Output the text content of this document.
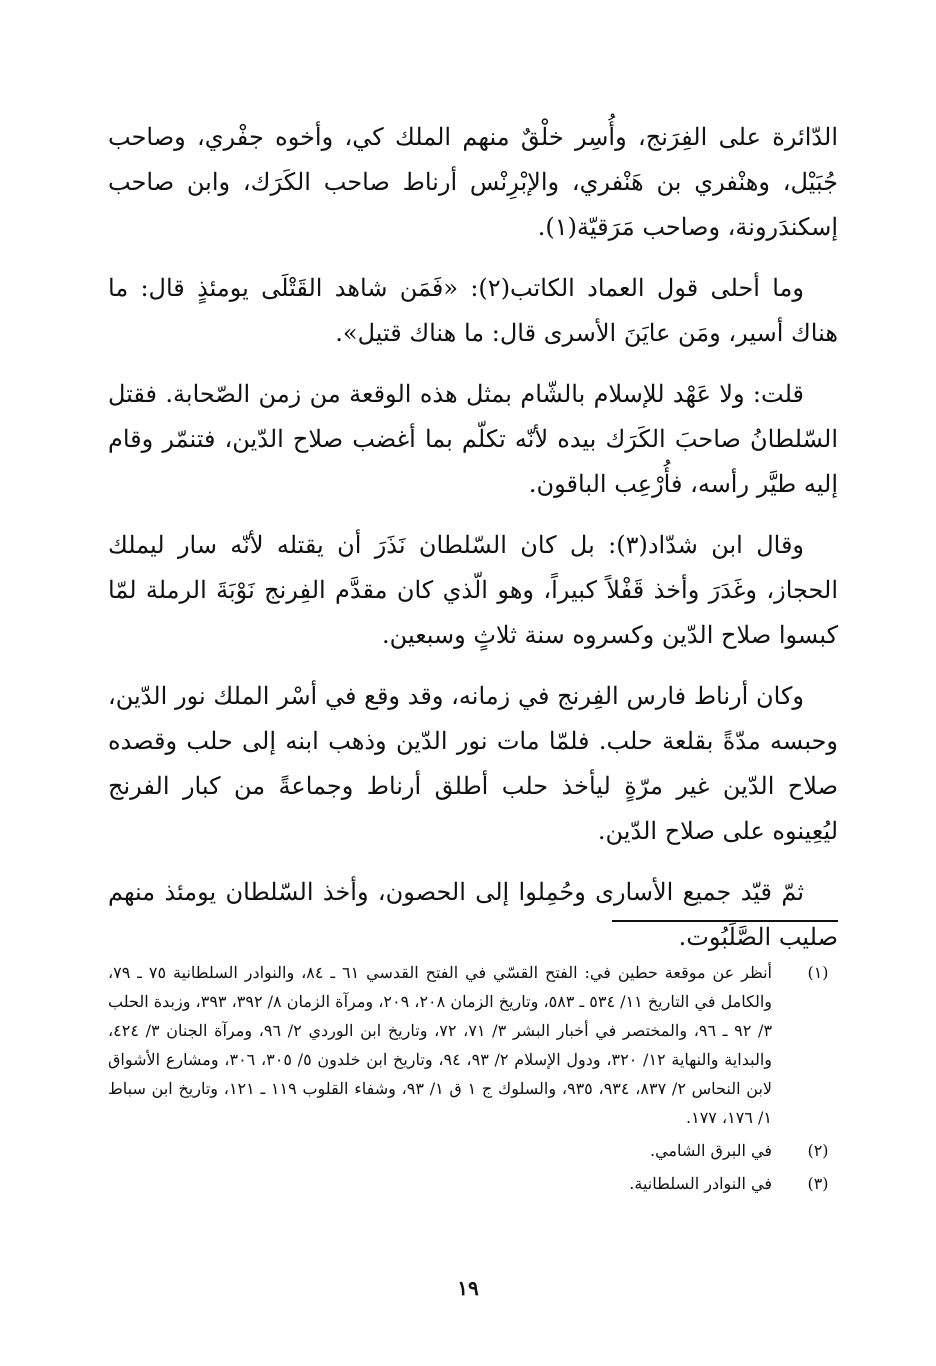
الدّائرة على الفِرَنج، وأُسِر خلْقٌ منهم الملك كي، وأخوه جفْري، وصاحب جُبَيْل، وهنْفري بن هَنْفري، والإبْرِنْس أرناط صاحب الكَرَك، وابن صاحب إسكندَرونة، وصاحب مَرَقيّة(١).

وما أحلى قول العماد الكاتب(٢): «فَمَن شاهد القَتْلَى يومئذٍ قال: ما هناك أسير، ومَن عايَنَ الأسرى قال: ما هناك قتيل».

قلت: ولا عَهْد للإسلام بالشّام بمثل هذه الوقعة من زمن الصّحابة. فقتل السّلطانُ صاحبَ الكَرَك بيده لأنّه تكلّم بما أغضب صلاح الدّين، فتنمّر وقام إليه طيَّر رأسه، فأُرْعِب الباقون.

وقال ابن شدّاد(٣): بل كان السّلطان نَذَرَ أن يقتله لأنّه سار ليملك الحجاز، وغَدَرَ وأخذ قَفْلاً كبيراً، وهو الّذي كان مقدَّم الفِرنج نَوْبَةَ الرملة لمّا كبسوا صلاح الدّين وكسروه سنة ثلاثٍ وسبعين.

وكان أرناط فارس الفِرنج في زمانه، وقد وقع في أسْر الملك نور الدّين، وحبسه مدّةً بقلعة حلب. فلمّا مات نور الدّين وذهب ابنه إلى حلب وقصده صلاح الدّين غير مرّةٍ ليأخذ حلب أطلق أرناط وجماعةً من كبار الفرنج ليُعِينوه على صلاح الدّين.

ثمّ قيّد جميع الأسارى وحُمِلوا إلى الحصون، وأخذ السّلطان يومئذ منهم صليب الصَّلَبُوت.

(١)
أنظر عن موقعة حطين في: الفتح القسّي في الفتح القدسي ٦١ ـ ٨٤، والنوادر السلطانية ٧٥ ـ ٧٩، والكامل في التاريخ ١١/ ٥٣٤ ـ ٥٨٣، وتاريخ الزمان ٢٠٨، ٢٠٩، ومرآة الزمان ٨/ ٣٩٢، ٣٩٣، وزبدة الحلب ٣/ ٩٢ ـ ٩٦، والمختصر في أخبار البشر ٣/ ٧١، ٧٢، وتاريخ ابن الوردي ٢/ ٩٦، ومرآة الجنان ٣/ ٤٢٤، والبداية والنهاية ١٢/ ٣٢٠، ودول الإسلام ٢/ ٩٣، ٩٤، وتاريخ ابن خلدون ٥/ ٣٠٥، ٣٠٦، ومشارع الأشواق لابن النحاس ٢/ ٨٣٧، ٩٣٤، ٩٣٥، والسلوك ج ١ ق ١/ ٩٣، وشفاء القلوب ١١٩ ـ ١٢١، وتاريخ ابن سباط ١/ ١٧٦، ١٧٧.
(٢)
في البرق الشامي.
(٣)
في النوادر السلطانية.
١٩
